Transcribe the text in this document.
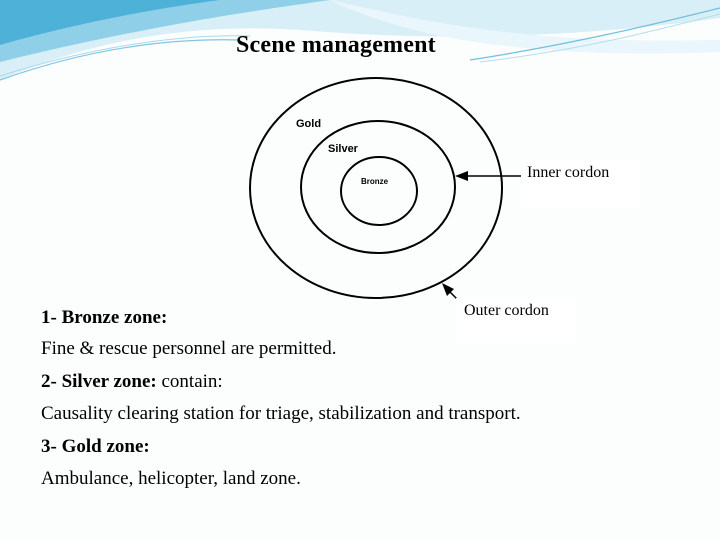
Scene management
Gold
Silver
Bronze
Inner cordon
Outer cordon
1- Bronze zone:
Fine & rescue personnel are permitted.
2- Silver zone: contain:
Causality clearing station for triage, stabilization and transport.
3- Gold zone:
Ambulance, helicopter, land zone.
